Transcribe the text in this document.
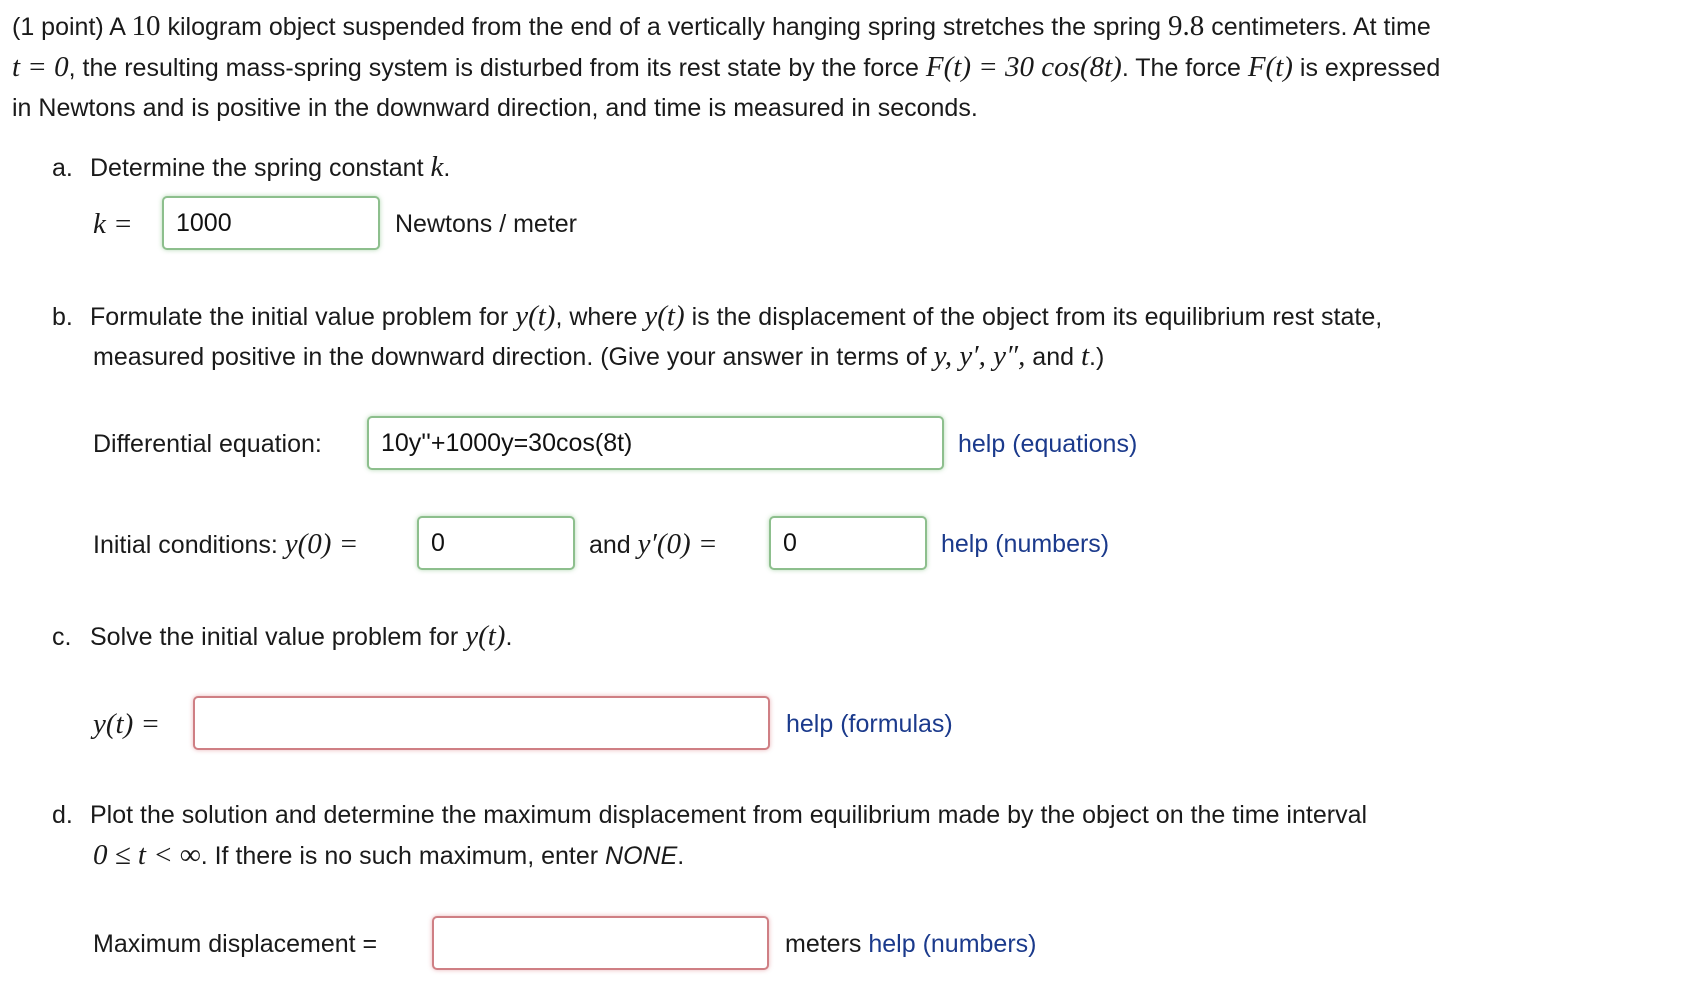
(1 point) A 10 kilogram object suspended from the end of a vertically hanging spring stretches the spring 9.8 centimeters. At time
t = 0, the resulting mass-spring system is disturbed from its rest state by the force F(t) = 30 cos(8t). The force F(t) is expressed
in Newtons and is positive in the downward direction, and time is measured in seconds.
a. Determine the spring constant k.
k =
1000	Newtons / meter
b. Formulate the initial value problem for y(t), where y(t) is the displacement of the object from its equilibrium rest state,
measured positive in the downward direction. (Give your answer in terms of y, y′, y″, and t.)
Differential equation:
10y''+1000y=30cos(8t)	help (equations)
Initial conditions: y(0) =
0	and y′(0) =
0	help (numbers)
c. Solve the initial value problem for y(t).
y(t) =	help (formulas)
d. Plot the solution and determine the maximum displacement from equilibrium made by the object on the time interval
0 ≤ t < ∞. If there is no such maximum, enter NONE.
Maximum displacement =	meters help (numbers)
